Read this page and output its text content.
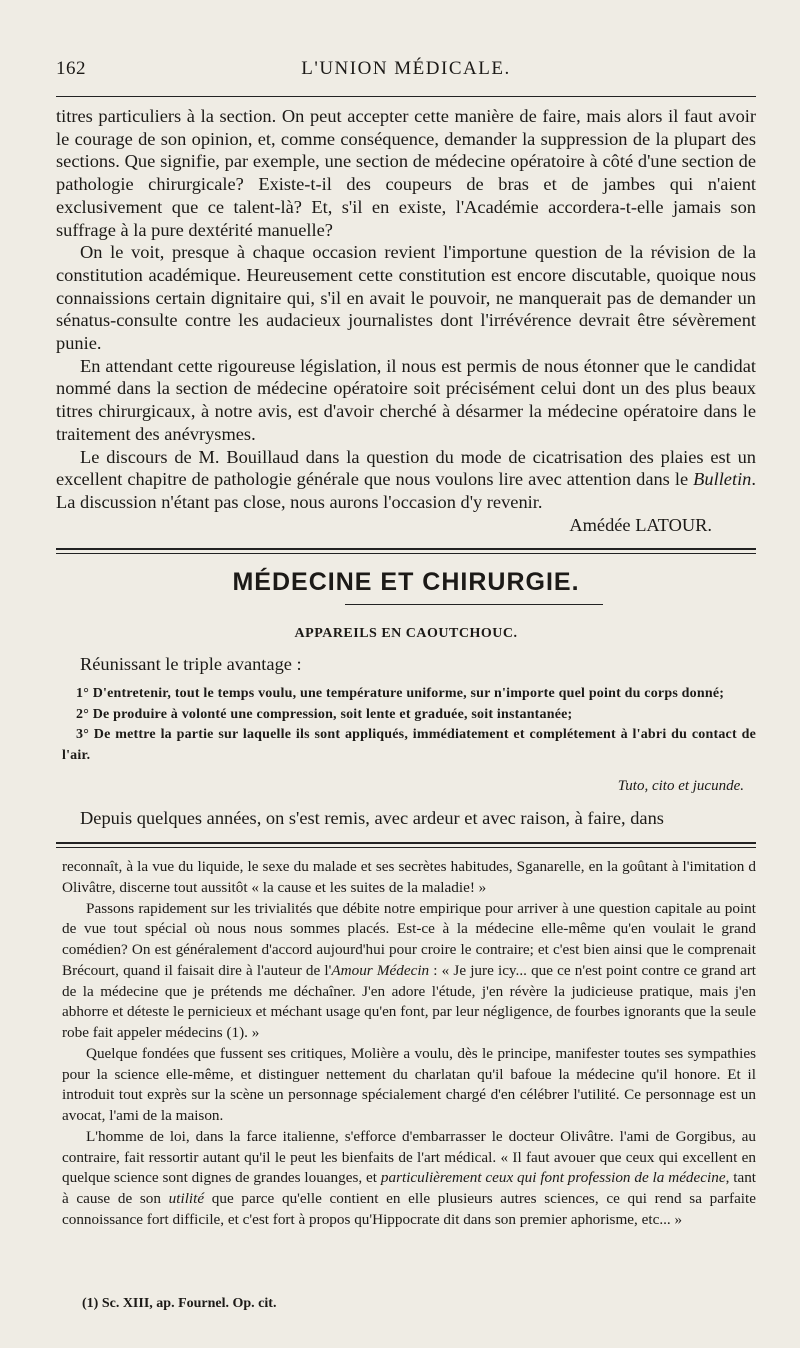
162	L'UNION MÉDICALE.

titres particuliers à la section. On peut accepter cette manière de faire, mais alors il faut avoir le courage de son opinion, et, comme conséquence, demander la suppression de la plupart des sections. Que signifie, par exemple, une section de médecine opératoire à côté d'une section de pathologie chirurgicale? Existe-t-il des coupeurs de bras et de jambes qui n'aient exclusivement que ce talent-là? Et, s'il en existe, l'Académie accordera-t-elle jamais son suffrage à la pure dextérité manuelle?

On le voit, presque à chaque occasion revient l'importune question de la révision de la constitution académique. Heureusement cette constitution est encore discutable, quoique nous connaissions certain dignitaire qui, s'il en avait le pouvoir, ne manquerait pas de demander un sénatus-consulte contre les audacieux journalistes dont l'irrévérence devrait être sévèrement punie.

En attendant cette rigoureuse législation, il nous est permis de nous étonner que le candidat nommé dans la section de médecine opératoire soit précisément celui dont un des plus beaux titres chirurgicaux, à notre avis, est d'avoir cherché à désarmer la médecine opératoire dans le traitement des anévrysmes.

Le discours de M. Bouillaud dans la question du mode de cicatrisation des plaies est un excellent chapitre de pathologie générale que nous voulons lire avec attention dans le Bulletin. La discussion n'étant pas close, nous aurons l'occasion d'y revenir.

Amédée LATOUR.

MÉDECINE ET CHIRURGIE.
APPAREILS EN CAOUTCHOUC.
Réunissant le triple avantage :

1° D'entretenir, tout le temps voulu, une température uniforme, sur n'importe quel point du corps donné;

2° De produire à volonté une compression, soit lente et graduée, soit instantanée;

3° De mettre la partie sur laquelle ils sont appliqués, immédiatement et complétement à l'abri du contact de l'air.

Tuto, cito et jucunde.
Depuis quelques années, on s'est remis, avec ardeur et avec raison, à faire, dans

reconnaît, à la vue du liquide, le sexe du malade et ses secrètes habitudes, Sganarelle, en la goûtant à l'imitation d Olivâtre, discerne tout aussitôt « la cause et les suites de la maladie! »

Passons rapidement sur les trivialités que débite notre empirique pour arriver à une question capitale au point de vue tout spécial où nous nous sommes placés. Est-ce à la médecine elle-même qu'en voulait le grand comédien? On est généralement d'accord aujourd'hui pour croire le contraire; et c'est bien ainsi que le comprenait Brécourt, quand il faisait dire à l'auteur de l'Amour Médecin : « Je jure icy... que ce n'est point contre ce grand art de la médecine que je prétends me déchaîner. J'en adore l'étude, j'en révère la judicieuse pratique, mais j'en abhorre et déteste le pernicieux et méchant usage qu'en font, par leur négligence, de fourbes ignorants que la seule robe fait appeler médecins (1). »

Quelque fondées que fussent ses critiques, Molière a voulu, dès le principe, manifester toutes ses sympathies pour la science elle-même, et distinguer nettement du charlatan qu'il bafoue la médecine qu'il honore. Et il introduit tout exprès sur la scène un personnage spécialement chargé d'en célébrer l'utilité. Ce personnage est un avocat, l'ami de la maison.

L'homme de loi, dans la farce italienne, s'efforce d'embarrasser le docteur Olivâtre. l'ami de Gorgibus, au contraire, fait ressortir autant qu'il le peut les bienfaits de l'art médical. « Il faut avouer que ceux qui excellent en quelque science sont dignes de grandes louanges, et particulièrement ceux qui font profession de la médecine, tant à cause de son utilité que parce qu'elle contient en elle plusieurs autres sciences, ce qui rend sa parfaite connoissance fort difficile, et c'est fort à propos qu'Hippocrate dit dans son premier aphorisme, etc... »

(1) Sc. XIII, ap. Fournel. Op. cit.
